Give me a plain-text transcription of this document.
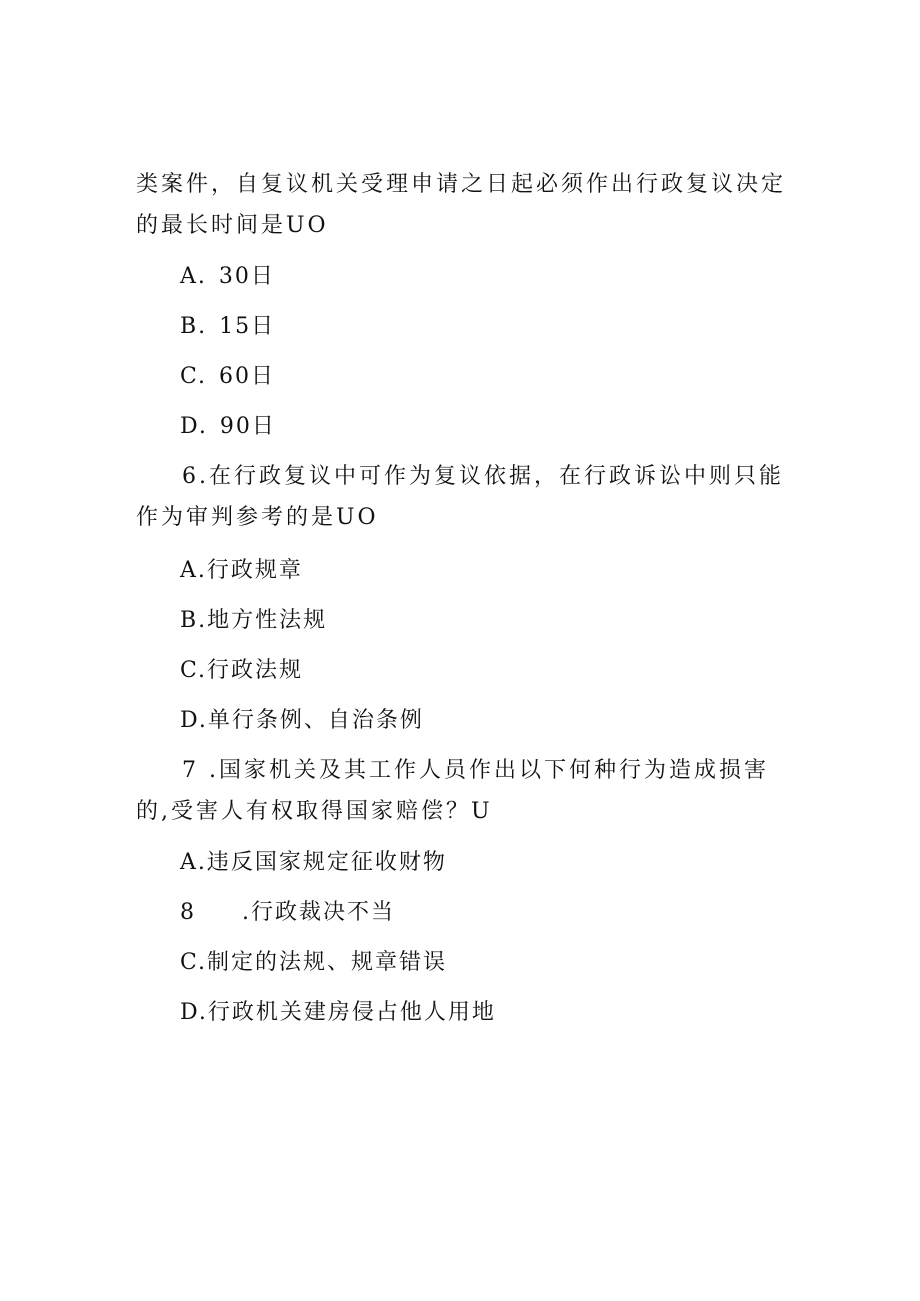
类案件，自复议机关受理申请之日起必须作出行政复议决定的最长时间是UO

A. 30日
B. 15日
C. 60日
D. 90日

6.在行政复议中可作为复议依据，在行政诉讼中则只能作为审判参考的是UO

A.行政规章
B.地方性法规
C.行政法规
D.单行条例、自治条例

7 .国家机关及其工作人员作出以下何种行为造成损害的,受害人有权取得国家赔偿？U

A.违反国家规定征收财物
8 .行政裁决不当
C.制定的法规、规章错误
D.行政机关建房侵占他人用地
